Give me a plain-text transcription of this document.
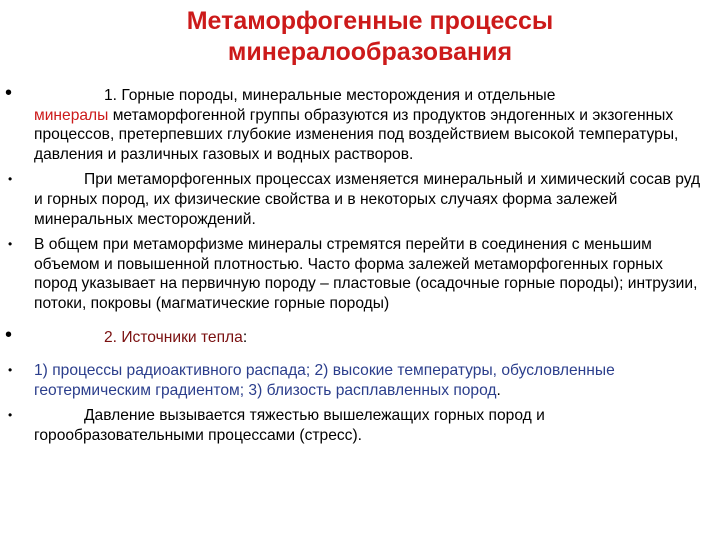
Метаморфогенные процессы
минералообразования
•	1. Горные породы, минеральные месторождения и отдельные
минералы метаморфогенной группы образуются из продуктов эндогенных и экзогенных процессов, претерпевших глубокие изменения под воздействием высокой температуры, давления и различных газовых и водных растворов.
•	При метаморфогенных процессах изменяется минеральный и химический сосав руд и горных пород, их физические свойства и в некоторых случаях форма залежей минеральных месторождений.
• В общем при метаморфизме минералы стремятся перейти в соединения с меньшим объемом и повышенной плотностью. Часто форма залежей метаморфогенных горных пород указывает на первичную породу – пластовые (осадочные горные породы); интрузии, потоки, покровы (магматические горные породы)
•	2. Источники тепла:
• 1) процессы радиоактивного распада; 2) высокие температуры, обусловленные геотермическим градиентом; 3) близость расплавленных пород.
•	Давление вызывается тяжестью вышележащих горных пород и горообразовательными процессами (стресс).
